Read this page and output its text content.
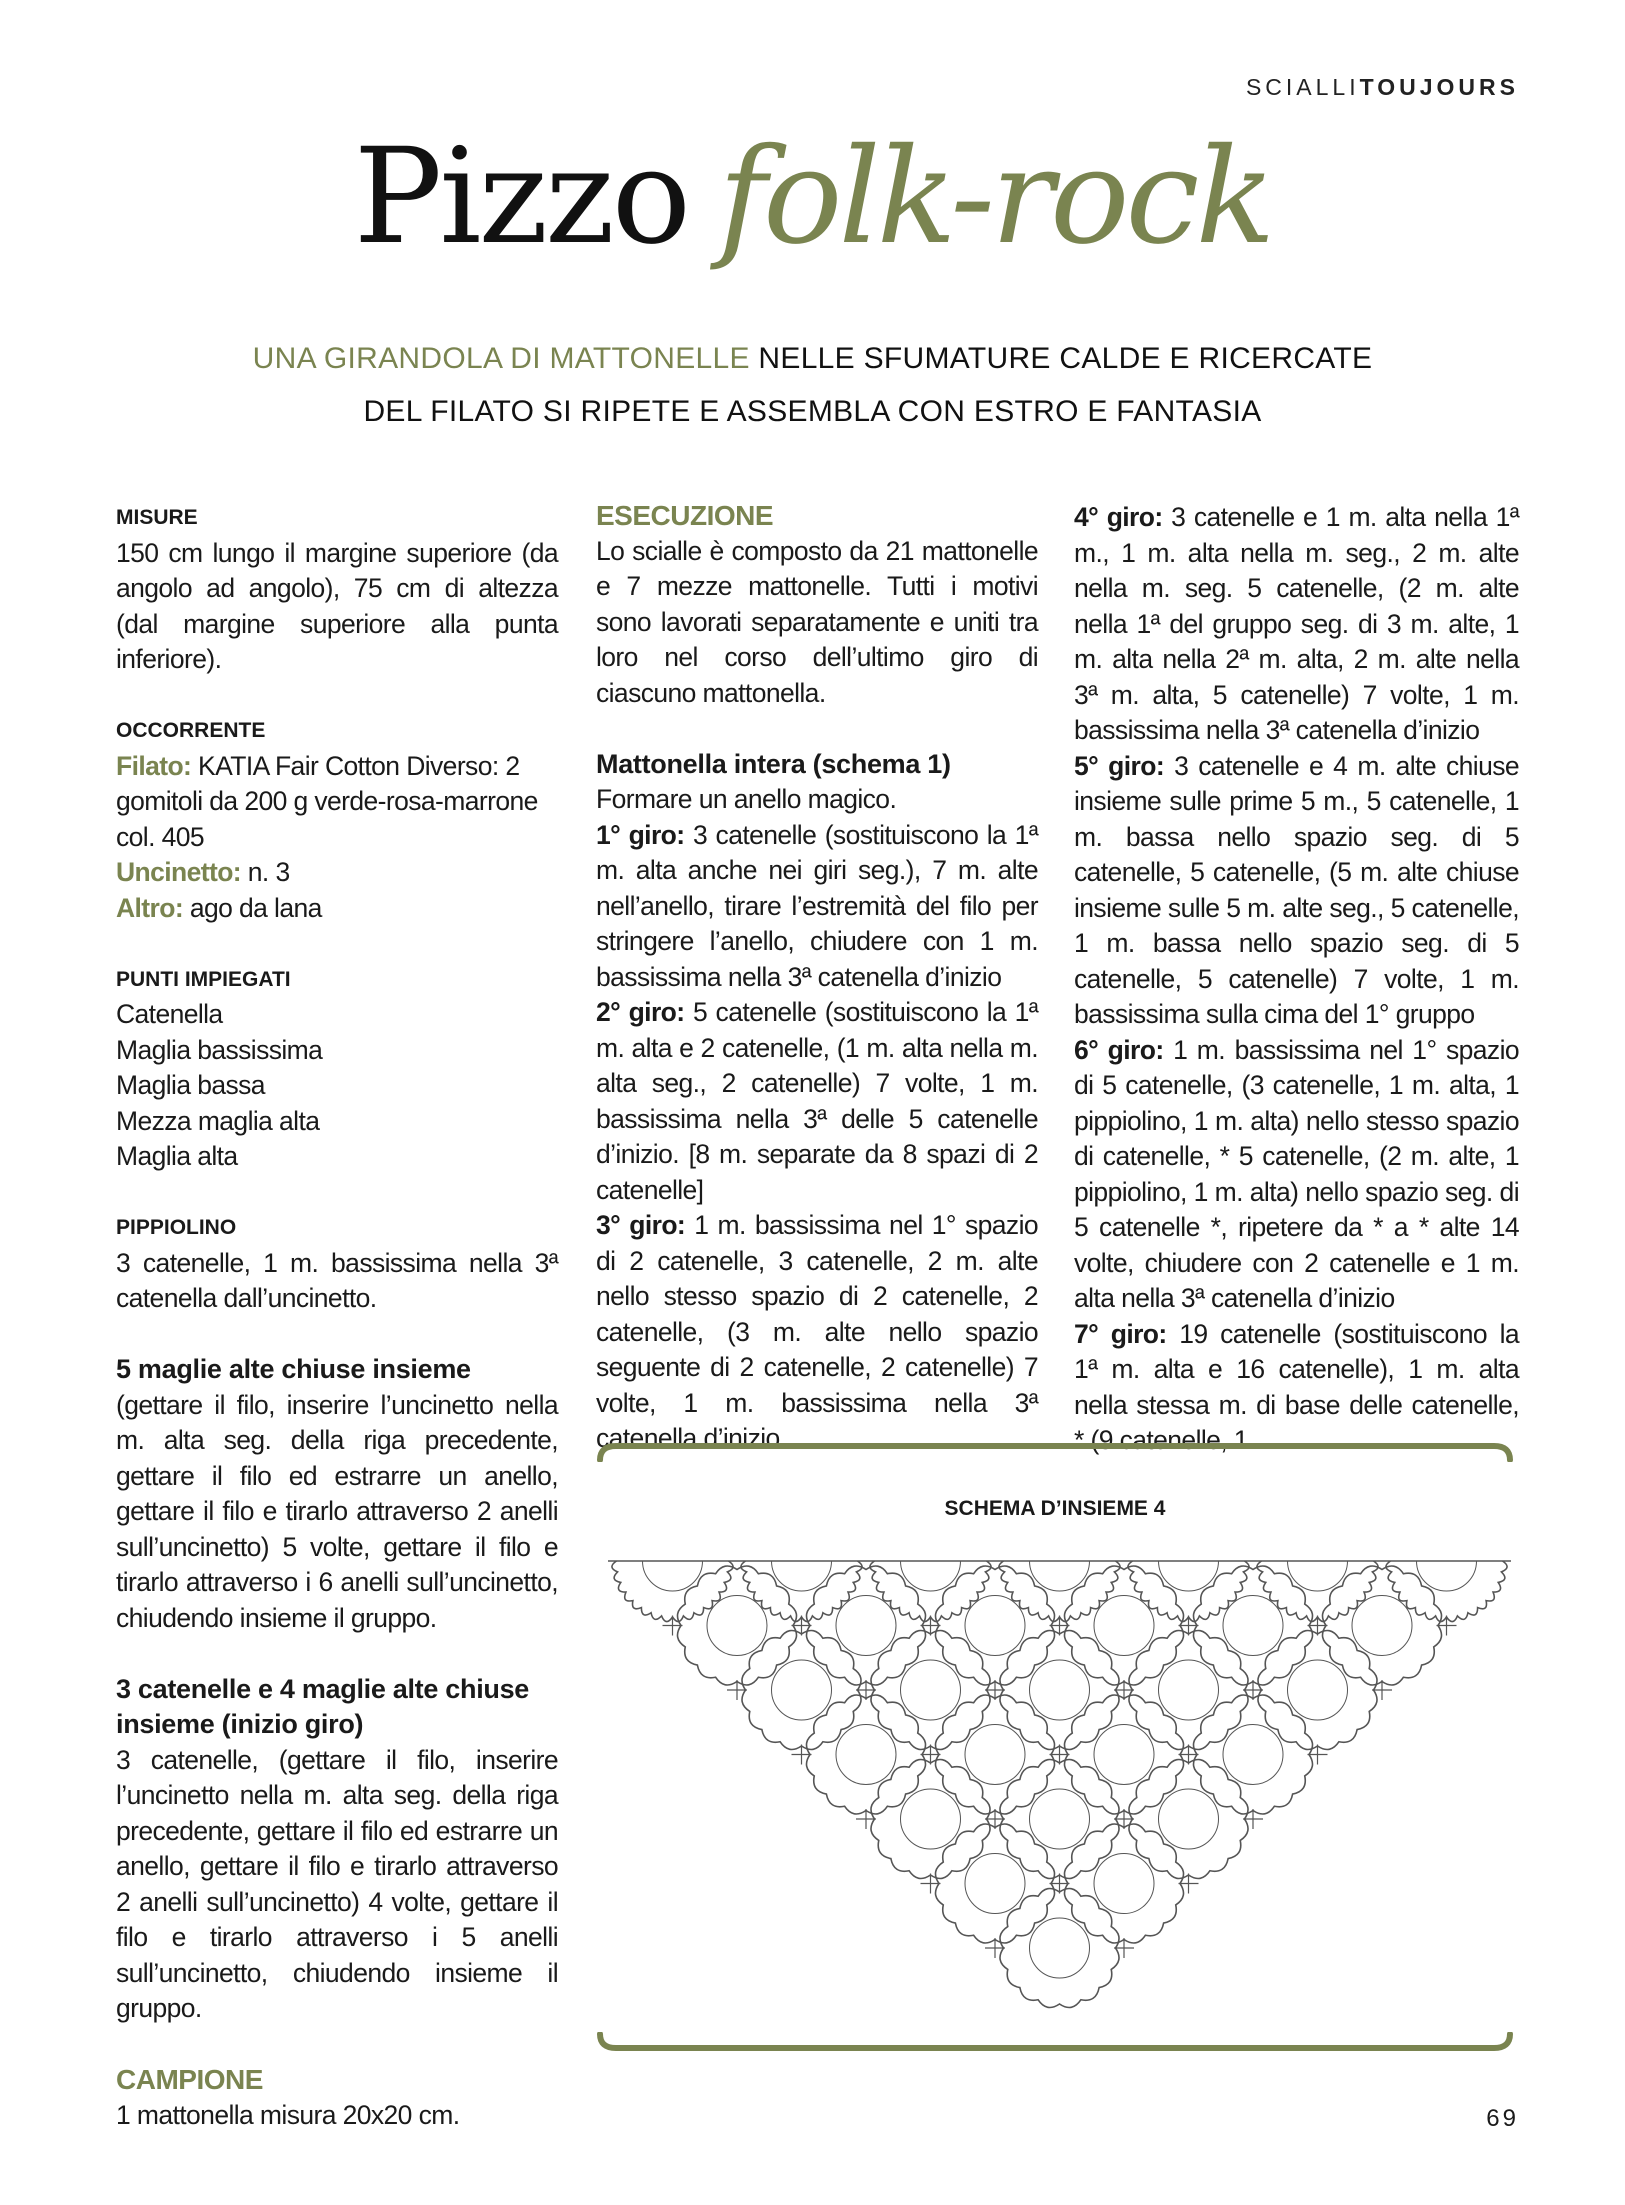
SCIALLITOUJOURS
Pizzo folk-rock
UNA GIRANDOLA DI MATTONELLE NELLE SFUMATURE CALDE E RICERCATE
DEL FILATO SI RIPETE E ASSEMBLA CON ESTRO E FANTASIA

MISURE

150 cm lungo il margine superiore (da angolo ad angolo), 75 cm di altezza (dal margine superiore alla punta inferiore).

OCCORRENTE

Filato: KATIA Fair Cotton Diverso: 2 gomitoli da 200 g verde-rosa-marrone col. 405

Uncinetto: n. 3

Altro: ago da lana

PUNTI IMPIEGATI

Catenella

Maglia bassissima

Maglia bassa

Mezza maglia alta

Maglia alta

PIPPIOLINO

3 catenelle, 1 m. bassissima nella 3ª catenella dall’uncinetto.

5 maglie alte chiuse insieme

(gettare il filo, inserire l’uncinetto nella m. alta seg. della riga precedente, gettare il filo ed estrarre un anello, gettare il filo e tirarlo attraverso 2 anelli sull’uncinetto) 5 volte, gettare il filo e tirarlo attraverso i 6 anelli sull’uncinetto, chiudendo insieme il gruppo.

3 catenelle e 4 maglie alte chiuse insieme (inizio giro)

3 catenelle, (gettare il filo, inserire l’uncinetto nella m. alta seg. della riga precedente, gettare il filo ed estrarre un anello, gettare il filo e tirarlo attraverso 2 anelli sull’uncinetto) 4 volte, gettare il filo e tirarlo attraverso i 5 anelli sull’uncinetto, chiudendo insieme il gruppo.

CAMPIONE

1 mattonella misura 20x20 cm.

ESECUZIONE

Lo scialle è composto da 21 mattonelle e 7 mezze mattonelle. Tutti i motivi sono lavorati separatamente e uniti tra loro nel corso dell’ultimo giro di ciascuno mattonella.

Mattonella intera (schema 1)

Formare un anello magico.

1° giro: 3 catenelle (sostituiscono la 1ª m. alta anche nei giri seg.), 7 m. alte nell’anello, tirare l’estremità del filo per stringere l’anello, chiudere con 1 m. bassissima nella 3ª catenella d’inizio

2° giro: 5 catenelle (sostituiscono la 1ª m. alta e 2 catenelle, (1 m. alta nella m. alta seg., 2 catenelle) 7 volte, 1 m. bassissima nella 3ª delle 5 catenelle d’inizio. [8 m. separate da 8 spazi di 2 catenelle]

3° giro: 1 m. bassissima nel 1° spazio di 2 catenelle, 3 catenelle, 2 m. alte nello stesso spazio di 2 catenelle, 2 catenelle, (3 m. alte nello spazio seguente di 2 catenelle, 2 catenelle) 7 volte, 1 m. bassissima nella 3ª catenella d’inizio

4° giro: 3 catenelle e 1 m. alta nella 1ª m., 1 m. alta nella m. seg., 2 m. alte nella m. seg. 5 catenelle, (2 m. alte nella 1ª del gruppo seg. di 3 m. alte, 1 m. alta nella 2ª m. alta, 2 m. alte nella 3ª m. alta, 5 catenelle) 7 volte, 1 m. bassissima nella 3ª catenella d’inizio

5° giro: 3 catenelle e 4 m. alte chiuse insieme sulle prime 5 m., 5 catenelle, 1 m. bassa nello spazio seg. di 5 catenelle, 5 catenelle, (5 m. alte chiuse insieme sulle 5 m. alte seg., 5 catenelle, 1 m. bassa nello spazio seg. di 5 catenelle, 5 catenelle) 7 volte, 1 m. bassissima sulla cima del 1° gruppo

6° giro: 1 m. bassissima nel 1° spazio di 5 catenelle, (3 catenelle, 1 m. alta, 1 pippiolino, 1 m. alta) nello stesso spazio di catenelle, * 5 catenelle, (2 m. alte, 1 pippiolino, 1 m. alta) nello spazio seg. di 5 catenelle *, ripetere da * a * alte 14 volte, chiudere con 2 catenelle e 1 m. alta nella 3ª catenella d’inizio

7° giro: 19 catenelle (sostituiscono la 1ª m. alta e 16 catenelle), 1 m. alta nella stessa m. di base delle catenelle, * (9 catenelle, 1

SCHEMA D’INSIEME 4
69
